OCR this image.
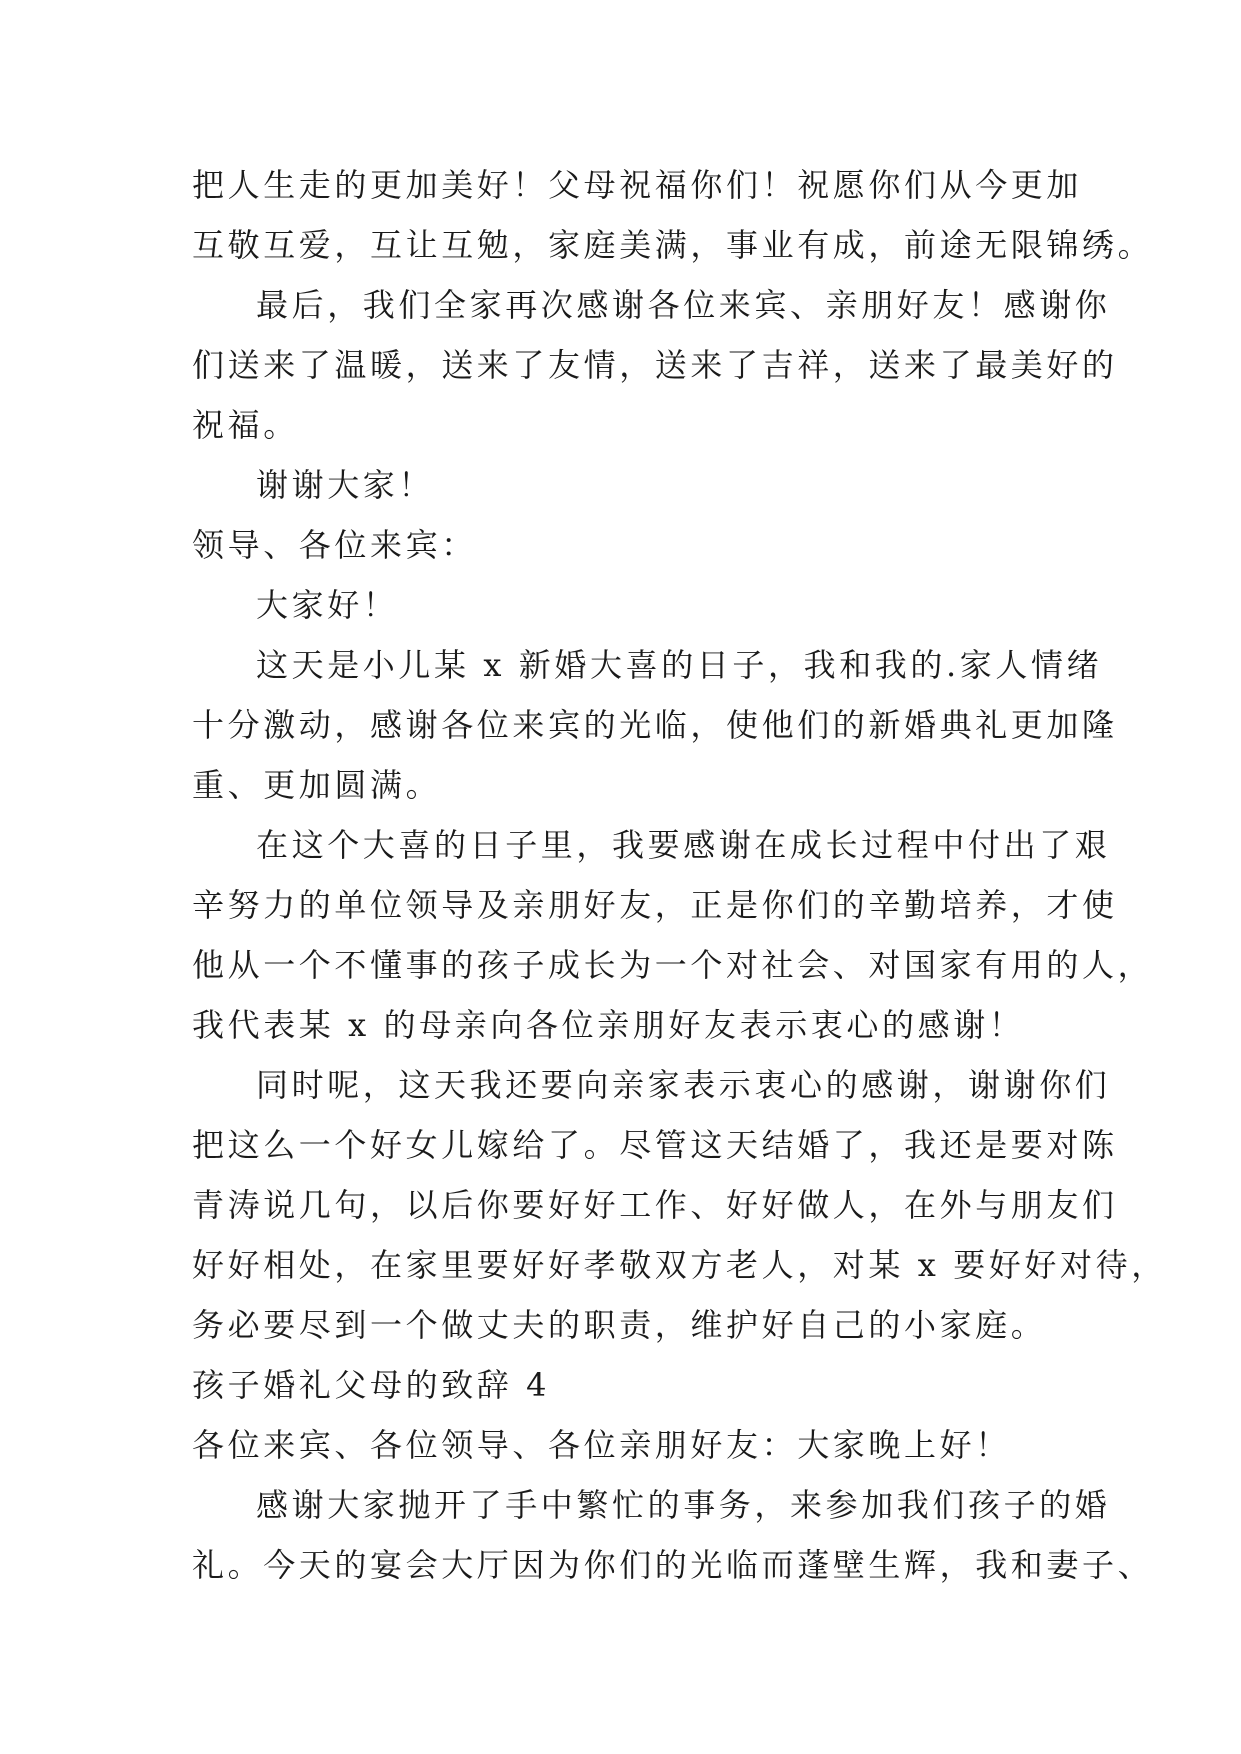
把人生走的更加美好！父母祝福你们！祝愿你们从今更加
互敬互爱，互让互勉，家庭美满，事业有成，前途无限锦绣。
最后，我们全家再次感谢各位来宾、亲朋好友！感谢你
们送来了温暖，送来了友情，送来了吉祥，送来了最美好的
祝福。
谢谢大家！
领导、各位来宾：
大家好！
这天是小儿某 x 新婚大喜的日子，我和我的.家人情绪
十分激动，感谢各位来宾的光临，使他们的新婚典礼更加隆
重、更加圆满。
在这个大喜的日子里，我要感谢在成长过程中付出了艰
辛努力的单位领导及亲朋好友，正是你们的辛勤培养，才使
他从一个不懂事的孩子成长为一个对社会、对国家有用的人，
我代表某 x 的母亲向各位亲朋好友表示衷心的感谢！
同时呢，这天我还要向亲家表示衷心的感谢，谢谢你们
把这么一个好女儿嫁给了。尽管这天结婚了，我还是要对陈
青涛说几句，以后你要好好工作、好好做人，在外与朋友们
好好相处，在家里要好好孝敬双方老人，对某 x 要好好对待，
务必要尽到一个做丈夫的职责，维护好自己的小家庭。
孩子婚礼父母的致辞 4
各位来宾、各位领导、各位亲朋好友：大家晚上好！
感谢大家抛开了手中繁忙的事务，来参加我们孩子的婚
礼。今天的宴会大厅因为你们的光临而蓬壁生辉，我和妻子、
